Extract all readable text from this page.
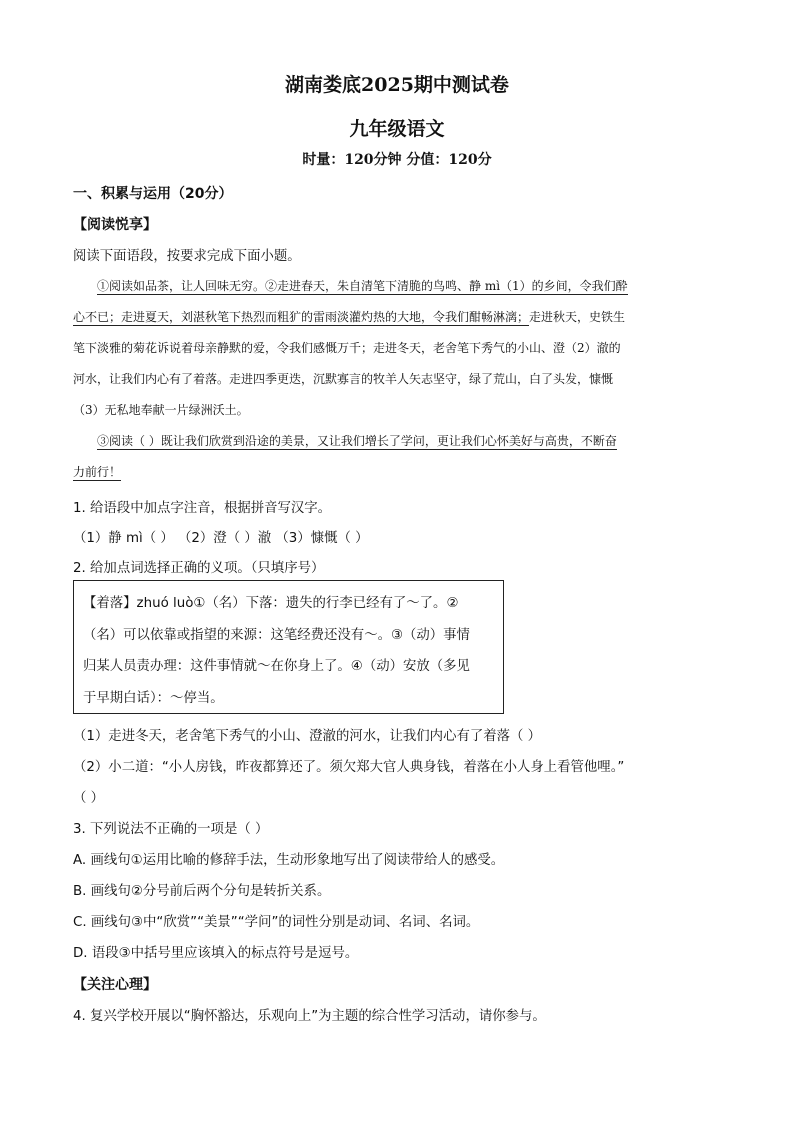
湖南娄底2025期中测试卷
九年级语文
时量：120分钟 分值：120分
一、积累与运用（20分）
【阅读悦享】
阅读下面语段，按要求完成下面小题。
①阅读如品茶，让人回味无穷。②走进春天，朱自清笔下清脆的鸟鸣、静 mì（1）的乡间，令我们酔
心不已；走进夏天，刘湛秋笔下热烈而粗犷的雷雨淡灌灼热的大地，令我们酣畅淋漓；走进秋天，史铁生
笔下淡雅的菊花诉说着母亲静默的爱，令我们感慨万千；走进冬天，老舍笔下秀气的小山、澄（2）澈的
河水，让我们内心有了着落。走进四季更迭，沉默寡言的牧羊人矢志坚守，绿了荒山，白了头发，慷慨
（3）无私地奉献一片绿洲沃土。
③阅读（ ）既让我们欣赏到沿途的美景，又让我们增长了学问，更让我们心怀美好与高贵，不断奋
力前行！
1. 给语段中加点字注音，根据拼音写汉字。
（1）静 mì（ ） （2）澄（ ）澈 （3）慷慨（ ）
2. 给加点词选择正确的义项。（只填序号）
【着落】zhuó luò①（名）下落：遗失的行李已经有了～了。②
（名）可以依靠或指望的来源：这笔经费还没有～。③（动）事情
归某人员责办理：这件事情就～在你身上了。④（动）安放（多见
于早期白话）：～停当。
（1）走进冬天，老舍笔下秀气的小山、澄澈的河水，让我们内心有了着落（ ）
（2）小二道：“小人房钱，昨夜都算还了。须欠郑大官人典身钱，着落在小人身上看管他哩。”
（ ）
3. 下列说法不正确的一项是（ ）
A. 画线句①运用比喻的修辞手法，生动形象地写出了阅读带给人的感受。
B. 画线句②分号前后两个分句是转折关系。
C. 画线句③中“欣赏”“美景”“学问”的词性分别是动词、名词、名词。
D. 语段③中括号里应该填入的标点符号是逗号。
【关注心理】
4. 复兴学校开展以“胸怀豁达，乐观向上”为主题的综合性学习活动，请你参与。
